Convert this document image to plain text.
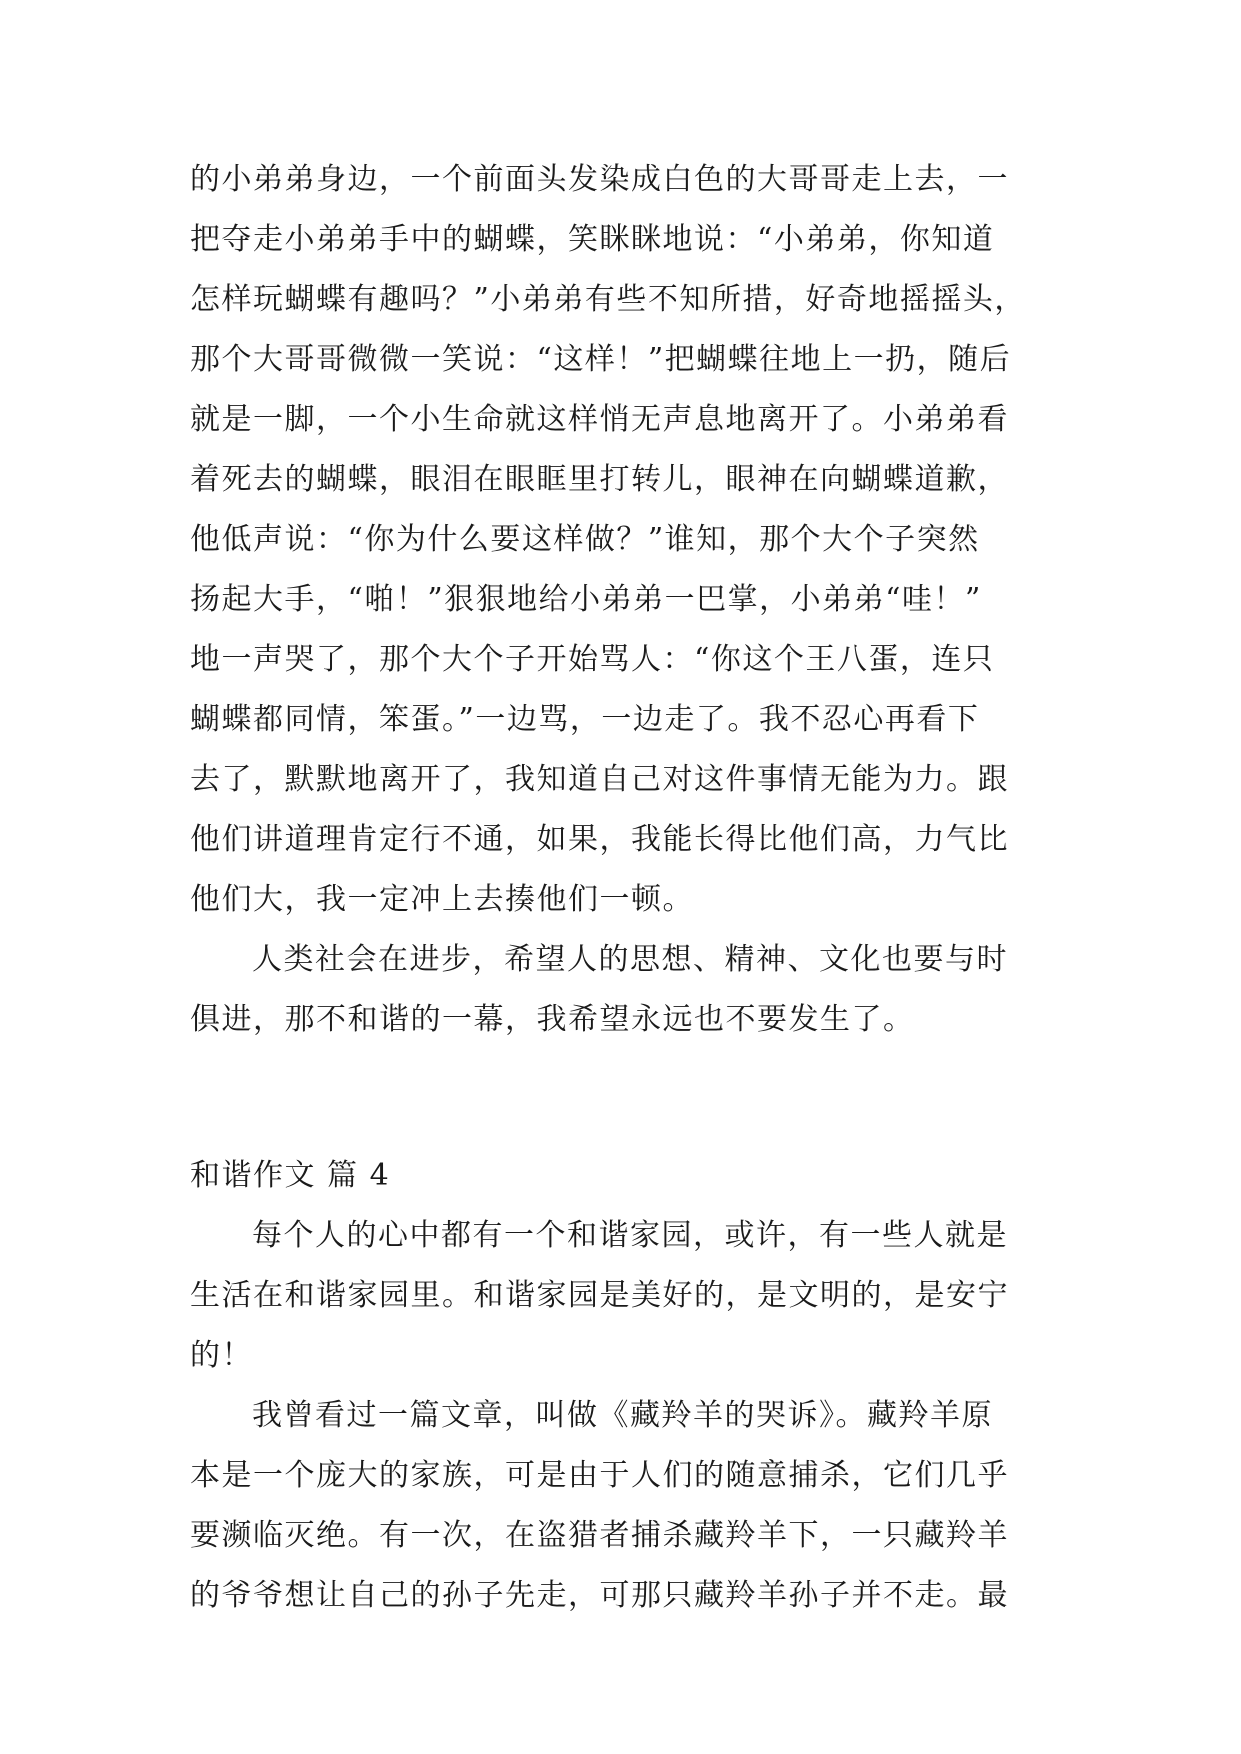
的小弟弟身边，一个前面头发染成白色的大哥哥走上去，一
把夺走小弟弟手中的蝴蝶，笑眯眯地说：“小弟弟，你知道
怎样玩蝴蝶有趣吗？”小弟弟有些不知所措，好奇地摇摇头，
那个大哥哥微微一笑说：“这样！”把蝴蝶往地上一扔，随后
就是一脚，一个小生命就这样悄无声息地离开了。小弟弟看
着死去的蝴蝶，眼泪在眼眶里打转儿，眼神在向蝴蝶道歉，
他低声说：“你为什么要这样做？”谁知，那个大个子突然
扬起大手，“啪！”狠狠地给小弟弟一巴掌，小弟弟“哇！”
地一声哭了，那个大个子开始骂人：“你这个王八蛋，连只
蝴蝶都同情，笨蛋。”一边骂，一边走了。我不忍心再看下
去了，默默地离开了，我知道自己对这件事情无能为力。跟
他们讲道理肯定行不通，如果，我能长得比他们高，力气比
他们大，我一定冲上去揍他们一顿。
人类社会在进步，希望人的思想、精神、文化也要与时
俱进，那不和谐的一幕，我希望永远也不要发生了。
和谐作文 篇 4
每个人的心中都有一个和谐家园，或许，有一些人就是
生活在和谐家园里。和谐家园是美好的，是文明的，是安宁
的！
我曾看过一篇文章，叫做《藏羚羊的哭诉》。藏羚羊原
本是一个庞大的家族，可是由于人们的随意捕杀，它们几乎
要濒临灭绝。有一次，在盗猎者捕杀藏羚羊下，一只藏羚羊
的爷爷想让自己的孙子先走，可那只藏羚羊孙子并不走。最
